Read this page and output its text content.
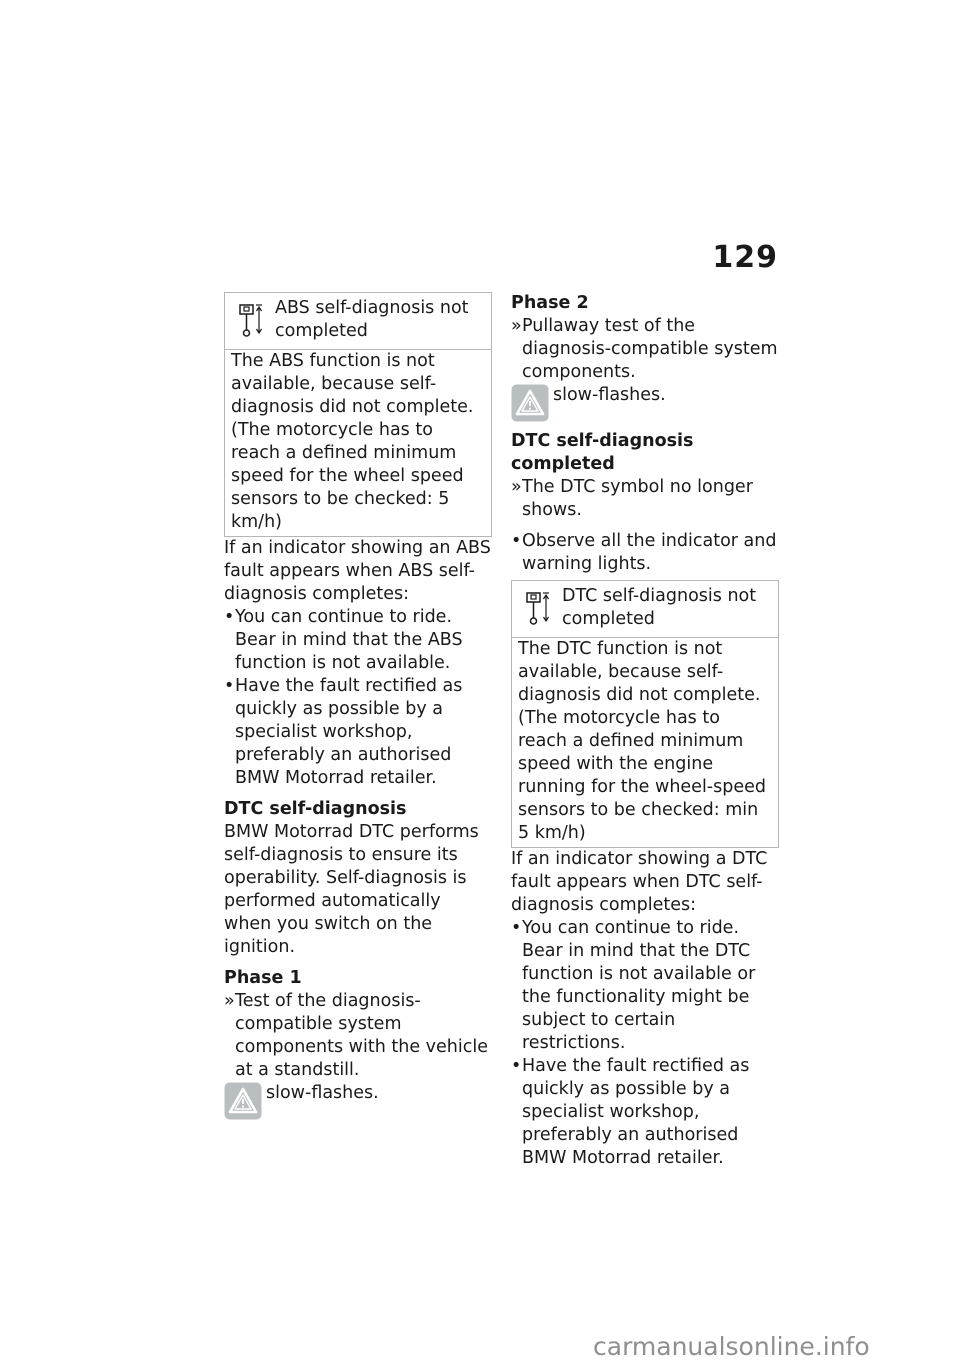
129
ABS self-diagnosis not completed
The ABS function is not available, because self-diagnosis did not complete. (The motorcycle has to reach a defined minimum speed for the wheel speed sensors to be checked: 5 km/h)

If an indicator showing an ABS fault appears when ABS self-diagnosis completes:

• You can continue to ride. Bear in mind that the ABS function is not available.
• Have the fault rectified as quickly as possible by a specialist workshop, preferably an authorised BMW Motorrad retailer.

DTC self-diagnosis

BMW Motorrad DTC performs self-diagnosis to ensure its operability. Self-diagnosis is performed automatically when you switch on the ignition.

Phase 1

» Test of the diagnosis-compatible system components with the vehicle at a standstill.
slow-flashes.

Phase 2

» Pullaway test of the diagnosis-compatible system components.
slow-flashes.

DTC self-diagnosis completed

» The DTC symbol no longer shows.
• Observe all the indicator and warning lights.
DTC self-diagnosis not completed
The DTC function is not available, because self-diagnosis did not complete. (The motorcycle has to reach a defined minimum speed with the engine running for the wheel-speed sensors to be checked: min 5 km/h)

If an indicator showing a DTC fault appears when DTC self-diagnosis completes:

• You can continue to ride. Bear in mind that the DTC function is not available or the functionality might be subject to certain restrictions.
• Have the fault rectified as quickly as possible by a specialist workshop, preferably an authorised BMW Motorrad retailer.
carmanualsonline.info
